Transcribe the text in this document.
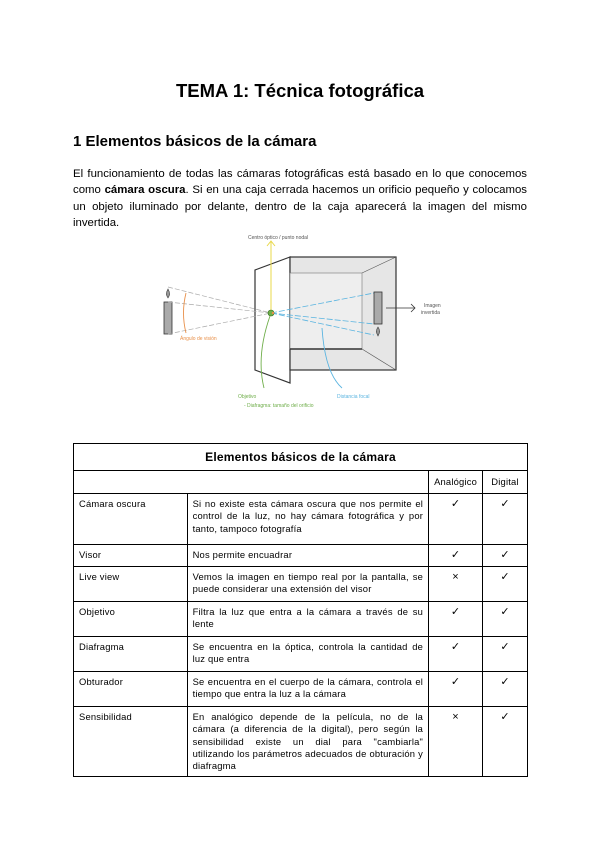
TEMA 1: Técnica fotográfica
1 Elementos básicos de la cámara
El funcionamiento de todas las cámaras fotográficas está basado en lo que conocemos como cámara oscura. Si en una caja cerrada hacemos un orificio pequeño y colocamos un objeto iluminado por delante, dentro de la caja aparecerá la imagen del mismo invertida.
Centro óptico / punto nodal
Ángulo de visión
Imagen
invertida
Objetivo
- Diafragma: tamaño del orificio
Distancia focal
Elementos básicos de la cámara			
		Analógico	Digital
Cámara oscura	Si no existe esta cámara oscura que nos permite el control de la luz, no hay cámara fotográfica y por tanto, tampoco fotografía	✓	✓
Visor	Nos permite encuadrar	✓	✓
Live view	Vemos la imagen en tiempo real por la pantalla, se puede considerar una extensión del visor	×	✓
Objetivo	Filtra la luz que entra a la cámara a través de su lente	✓	✓
Diafragma	Se encuentra en la óptica, controla la cantidad de luz que entra	✓	✓
Obturador	Se encuentra en el cuerpo de la cámara, controla el tiempo que entra la luz a la cámara	✓	✓
Sensibilidad	En analógico depende de la película, no de la cámara (a diferencia de la digital), pero según la sensibilidad existe un dial para "cambiarla" utilizando los parámetros adecuados de obturación y diafragma	×	✓
